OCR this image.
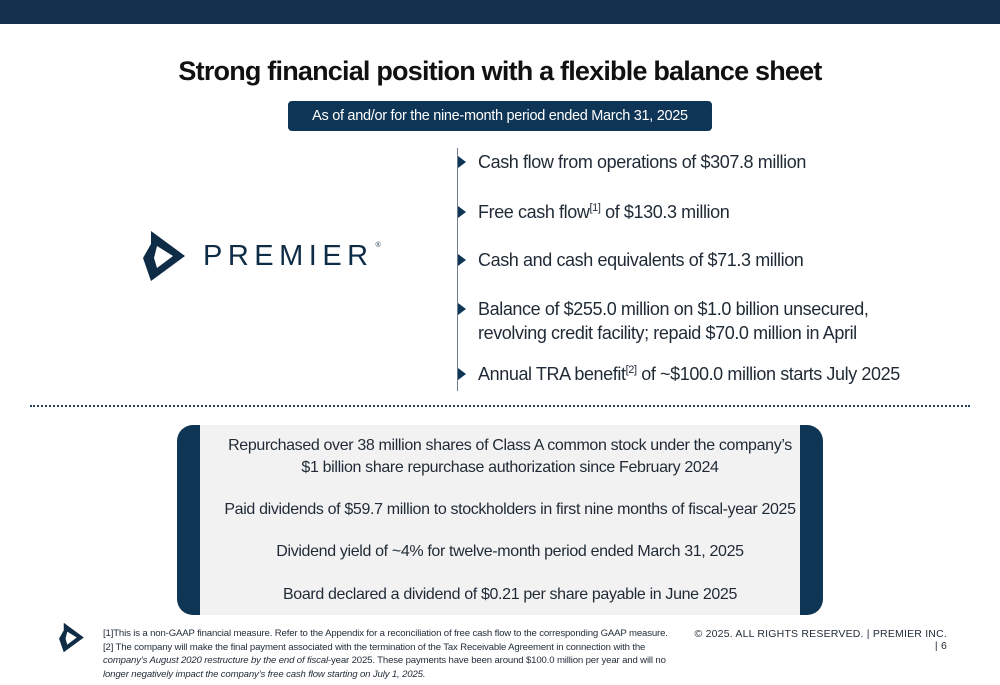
Strong financial position with a flexible balance sheet
As of and/or for the nine-month period ended March 31, 2025
PREMIER ®
Cash flow from operations of $307.8 million
Free cash flow[1] of $130.3 million
Cash and cash equivalents of $71.3 million
Balance of $255.0 million on $1.0 billion unsecured,
revolving credit facility; repaid $70.0 million in April
Annual TRA benefit[2] of ~$100.0 million starts July 2025
Repurchased over 38 million shares of Class A common stock under the company’s
$1 billion share repurchase authorization since February 2024
Paid dividends of $59.7 million to stockholders in first nine months of fiscal-year 2025
Dividend yield of ~4% for twelve-month period ended March 31, 2025
Board declared a dividend of $0.21 per share payable in June 2025
[1]This is a non-GAAP financial measure. Refer to the Appendix for a reconciliation of free cash flow to the corresponding GAAP measure.
[2] The company will make the final payment associated with the termination of the Tax Receivable Agreement in connection with the
company’s August 2020 restructure by the end of fiscal-year 2025. These payments have been around $100.0 million per year and will no
longer negatively impact the company’s free cash flow starting on July 1, 2025.
© 2025. ALL RIGHTS RESERVED. | PREMIER INC. | 6
